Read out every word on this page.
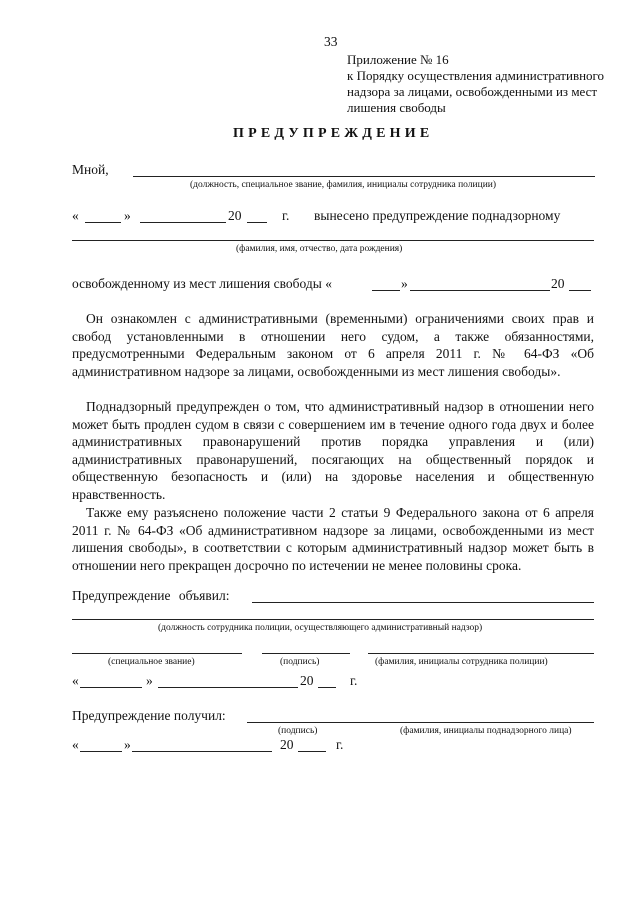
33
Приложение № 16
к Порядку осуществления административного
надзора за лицами, освобожденными из мест
лишения свободы
ПРЕДУПРЕЖДЕНИЕ
Мной,
(должность, специальное звание, фамилия, инициалы сотрудника полиции)
«	»	20	г. вынесено предупреждение поднадзорному
(фамилия, имя, отчество, дата рождения)
освобожденному из мест лишения свободы «	»	20
Он ознакомлен с административными (временными) ограничениями своих прав и свобод установленными в отношении него судом, а также обязанностями, предусмотренными Федеральным законом от 6 апреля 2011 г. № 64-ФЗ «Об административном надзоре за лицами, освобожденными из мест лишения свободы».
Поднадзорный предупрежден о том, что административный надзор в отношении него может быть продлен судом в связи с совершением им в течение одного года двух и более административных правонарушений против порядка управления и (или) административных правонарушений, посягающих на общественный порядок и общественную безопасность и (или) на здоровье населения и общественную нравственность.
Также ему разъяснено положение части 2 статьи 9 Федерального закона от 6 апреля 2011 г. № 64-ФЗ «Об административном надзоре за лицами, освобожденными из мест лишения свободы», в соответствии с которым административный надзор может быть в отношении него прекращен досрочно по истечении не менее половины срока.
Предупреждение объявил:
(должность сотрудника полиции, осуществляющего административный надзор)
(специальное звание)	(подпись)	(фамилия, инициалы сотрудника полиции)
«	»	20	г.
Предупреждение получил:
(подпись)	(фамилия, инициалы поднадзорного лица)
«	»	20	г.
